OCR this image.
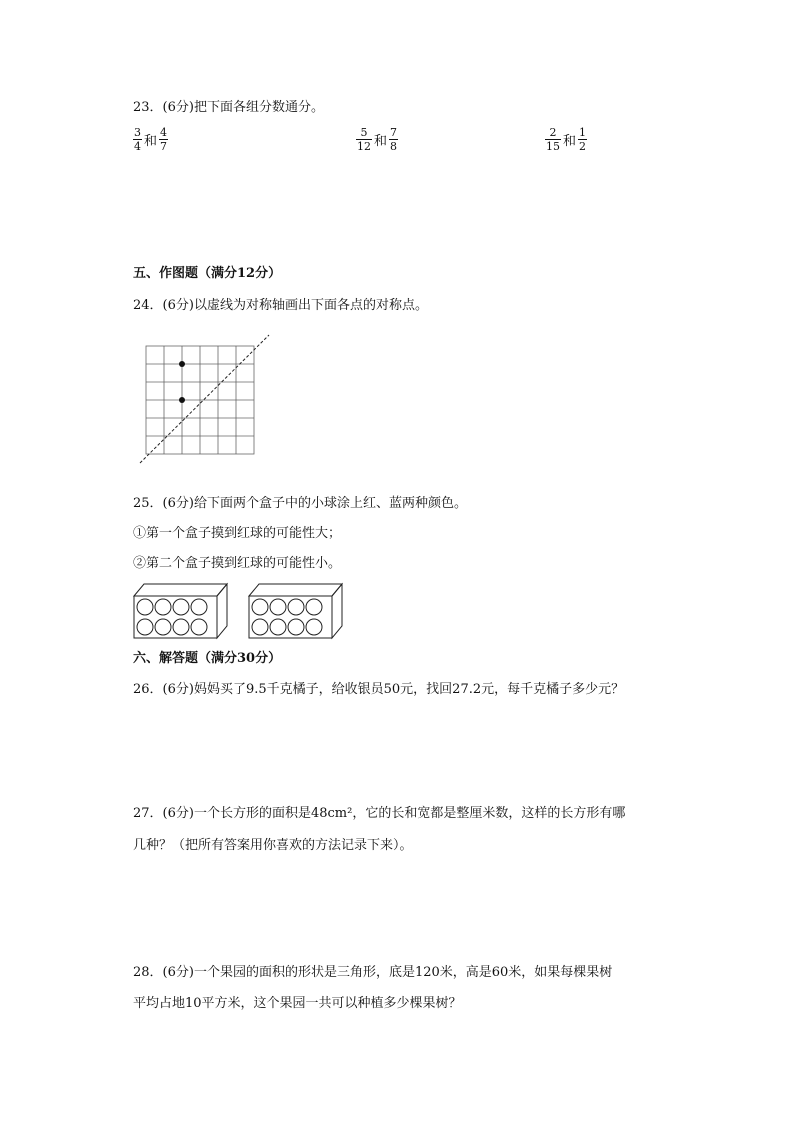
23．(6分)把下面各组分数通分。
$\frac{3}{4}$ 和 $\frac{4}{7}$	$\frac{5}{12}$ 和 $\frac{7}{8}$	$\frac{2}{15}$ 和 $\frac{1}{2}$
五、作图题（满分12分）
24．(6分)以虚线为对称轴画出下面各点的对称点。
25．(6分)给下面两个盒子中的小球涂上红、蓝两种颜色。
①第一个盒子摸到红球的可能性大；
②第二个盒子摸到红球的可能性小。
六、解答题（满分30分）
26．(6分)妈妈买了9.5千克橘子，给收银员50元，找回27.2元，每千克橘子多少元？
27．(6分)一个长方形的面积是48cm²，它的长和宽都是整厘米数，这样的长方形有哪
几种？（把所有答案用你喜欢的方法记录下来）。
28．(6分)一个果园的面积的形状是三角形，底是120米，高是60米，如果每棵果树
平均占地10平方米，这个果园一共可以种植多少棵果树？
